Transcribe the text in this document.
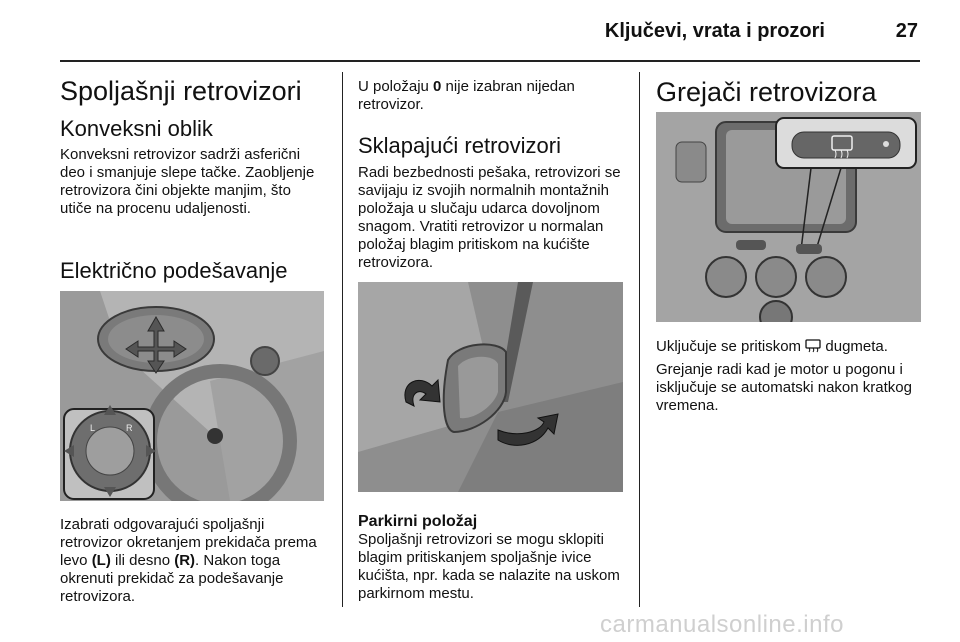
Ključevi, vrata i prozori	27
Spoljašnji retrovizori
Konveksni oblik

Konveksni retrovizor sadrži asferični deo i smanjuje slepe tačke. Zaobljenje retrovizora čini objekte manjim, što utiče na procenu udaljenosti.

Električno podešavanje
L	R

Izabrati odgovarajući spoljašnji retrovizor okretanjem prekidača prema levo (L) ili desno (R). Nakon toga okrenuti prekidač za podešavanje retrovizora.

U položaju 0 nije izabran nijedan retrovizor.

Sklapajući retrovizori

Radi bezbednosti pešaka, retrovizori se savijaju iz svojih normalnih montažnih položaja u slučaju udarca dovoljnom snagom. Vratiti retrovizor u normalan položaj blagim pritiskom na kućište retrovizora.

Parkirni položaj

Spoljašnji retrovizori se mogu sklopiti blagim pritiskanjem spoljašnje ivice kućišta, npr. kada se nalazite na uskom parkirnom mestu.

Grejači retrovizora

Uključuje se pritiskom  dugmeta.

Grejanje radi kad je motor u pogonu i isključuje se automatski nakon kratkog vremena.

carmanualsonline.info
